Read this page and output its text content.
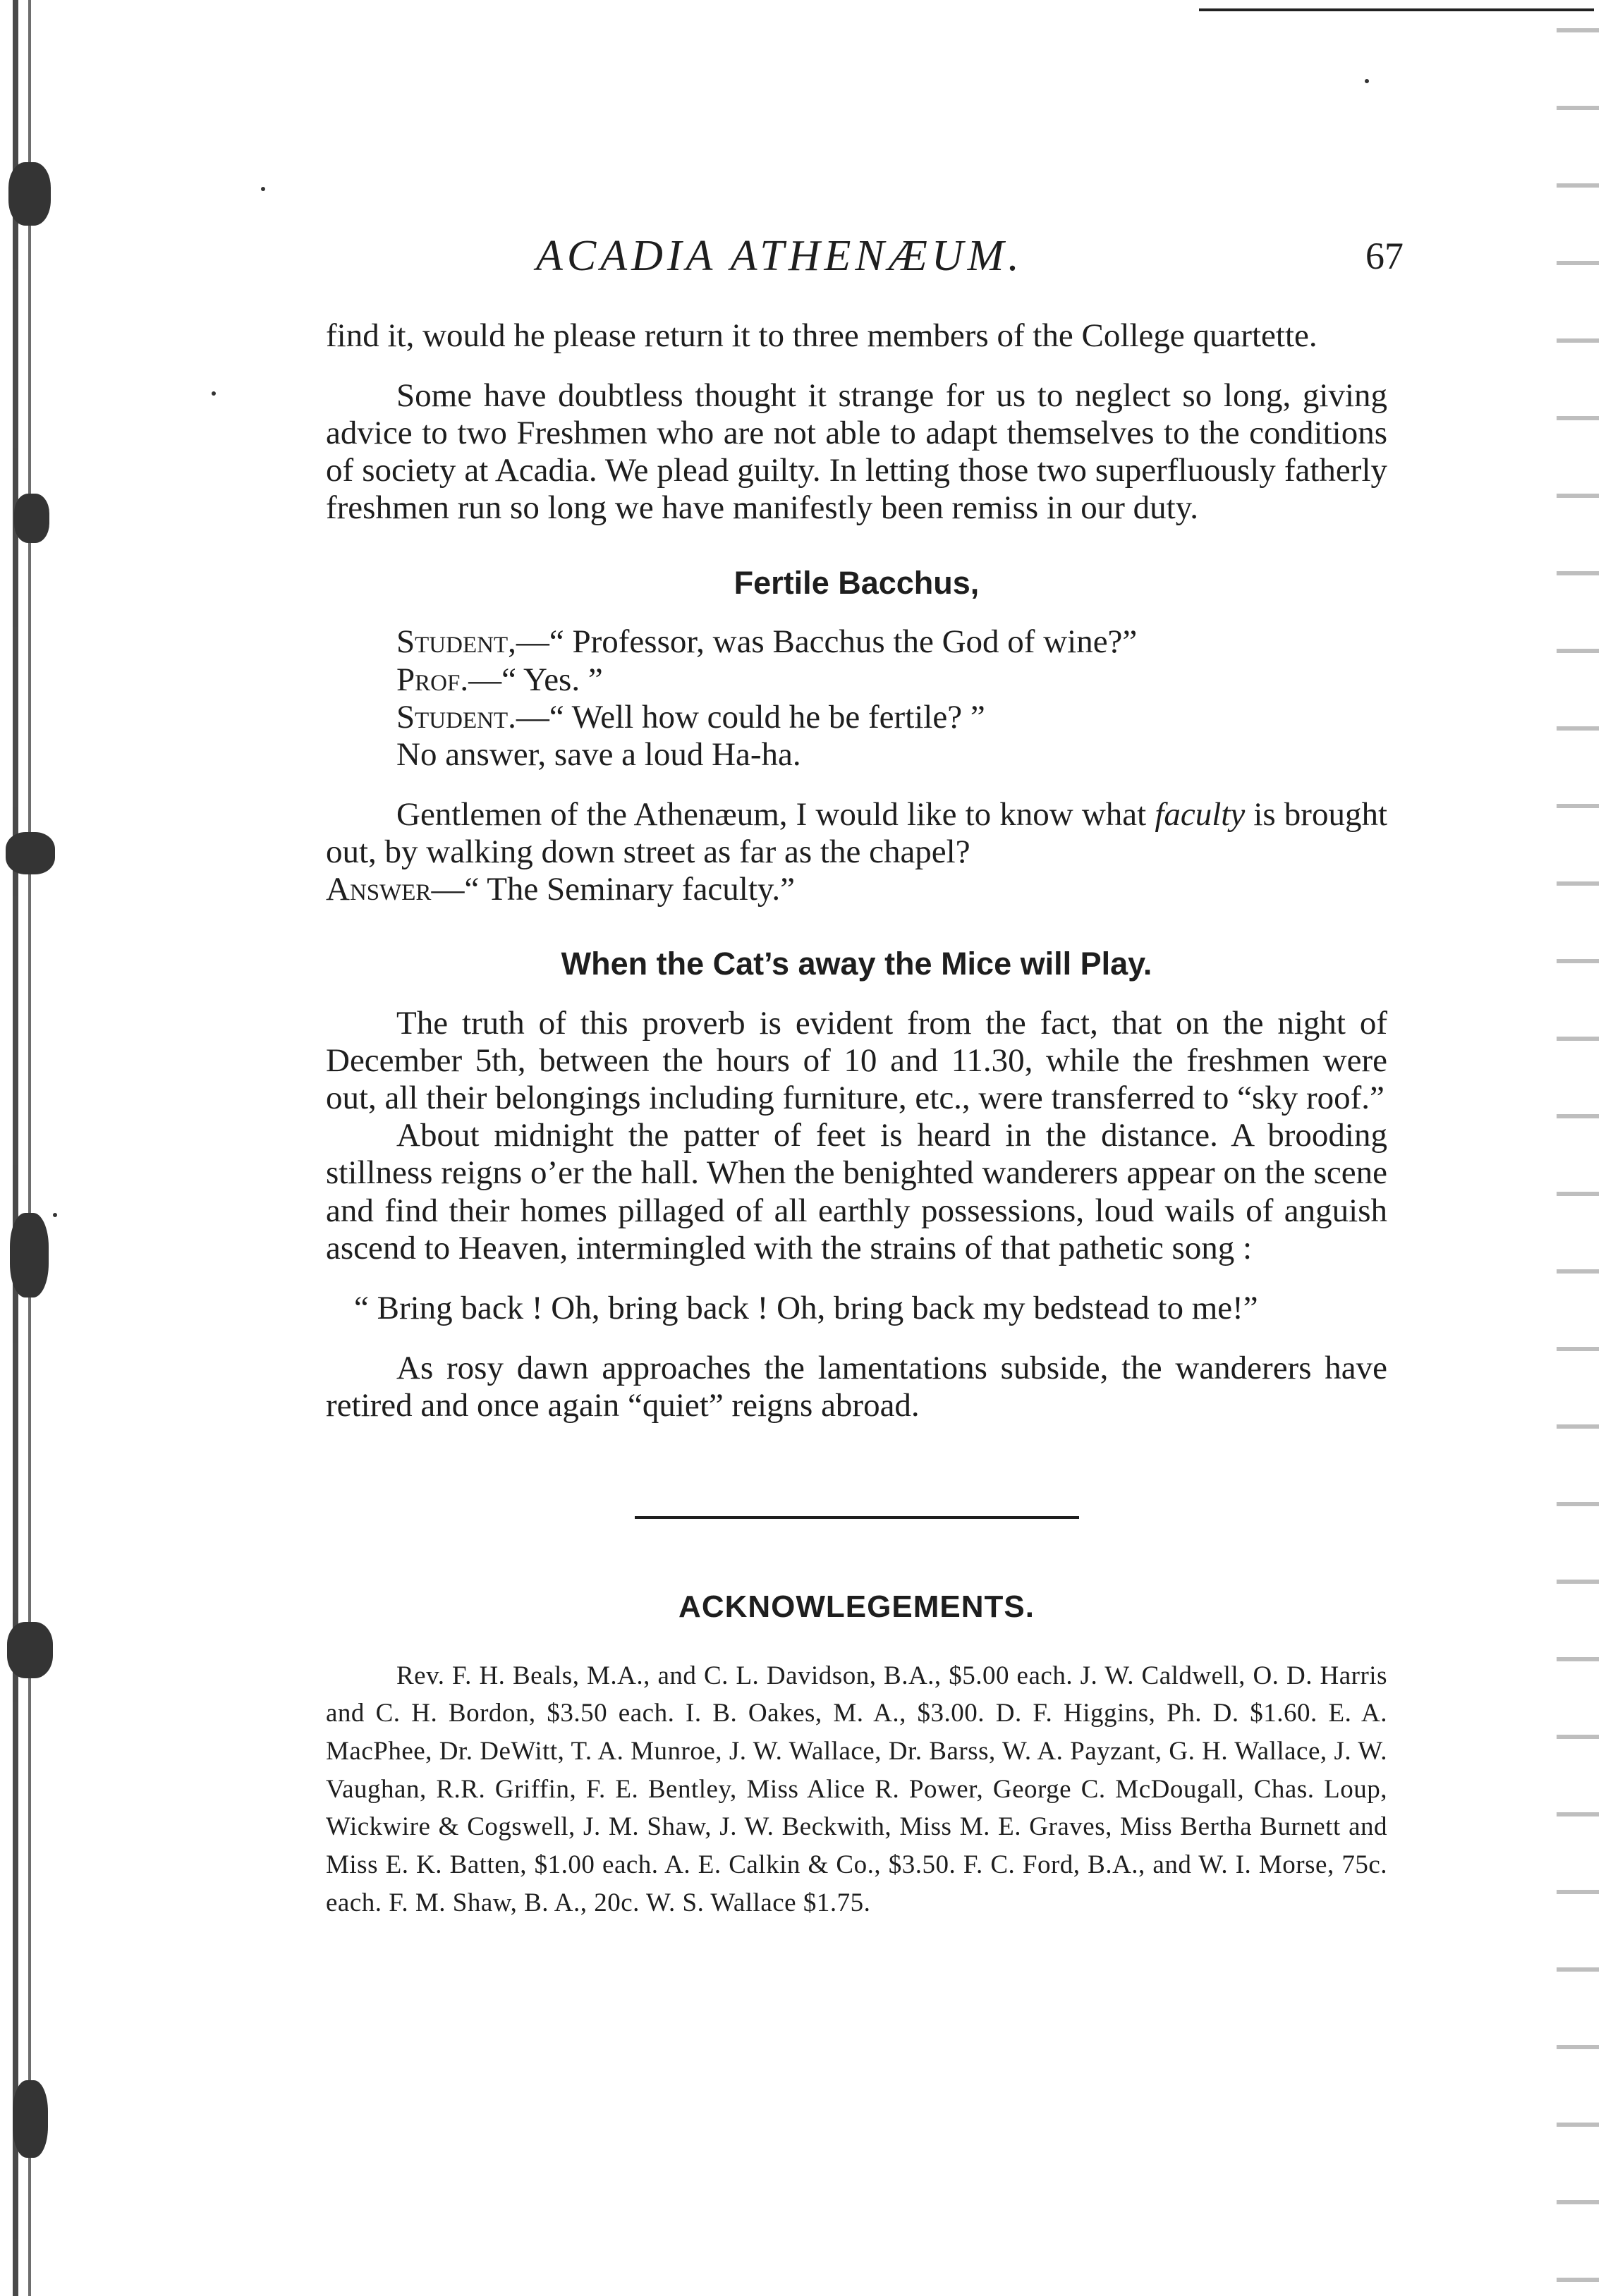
ACADIA ATHENÆUM.	67

find it, would he please return it to three members of the College quartette.

Some have doubtless thought it strange for us to neglect so long, giving advice to two Freshmen who are not able to adapt themselves to the conditions of society at Acadia. We plead guilty. In letting those two superfluously fatherly freshmen run so long we have manifestly been remiss in our duty.

Fertile Bacchus,
Student,—“ Professor, was Bacchus the God of wine?”
Prof.—“ Yes. ”
Student.—“ Well how could he be fertile? ”
No answer, save a loud Ha-ha.

Gentlemen of the Athenæum, I would like to know what faculty is brought out, by walking down street as far as the chapel?

Answer—“ The Seminary faculty.”

When the Cat’s away the Mice will Play.

The truth of this proverb is evident from the fact, that on the night of December 5th, between the hours of 10 and 11.30, while the freshmen were out, all their belongings including furniture, etc., were transferred to “sky roof.”

About midnight the patter of feet is heard in the distance. A brooding stillness reigns o’er the hall. When the benighted wanderers appear on the scene and find their homes pillaged of all earthly possessions, loud wails of anguish ascend to Heaven, intermingled with the strains of that pathetic song :

“ Bring back ! Oh, bring back ! Oh, bring back my bedstead to me!”

As rosy dawn approaches the lamentations subside, the wanderers have retired and once again “quiet” reigns abroad.

ACKNOWLEGEMENTS.

Rev. F. H. Beals, M.A., and C. L. Davidson, B.A., $5.00 each. J. W. Caldwell, O. D. Harris and C. H. Bordon, $3.50 each. I. B. Oakes, M. A., $3.00. D. F. Higgins, Ph. D. $1.60. E. A. MacPhee, Dr. DeWitt, T. A. Munroe, J. W. Wallace, Dr. Barss, W. A. Payzant, G. H. Wallace, J. W. Vaughan, R.R. Griffin, F. E. Bentley, Miss Alice R. Power, George C. McDougall, Chas. Loup, Wickwire & Cogswell, J. M. Shaw, J. W. Beckwith, Miss M. E. Graves, Miss Bertha Burnett and Miss E. K. Batten, $1.00 each. A. E. Calkin & Co., $3.50. F. C. Ford, B.A., and W. I. Morse, 75c. each. F. M. Shaw, B. A., 20c. W. S. Wallace $1.75.
